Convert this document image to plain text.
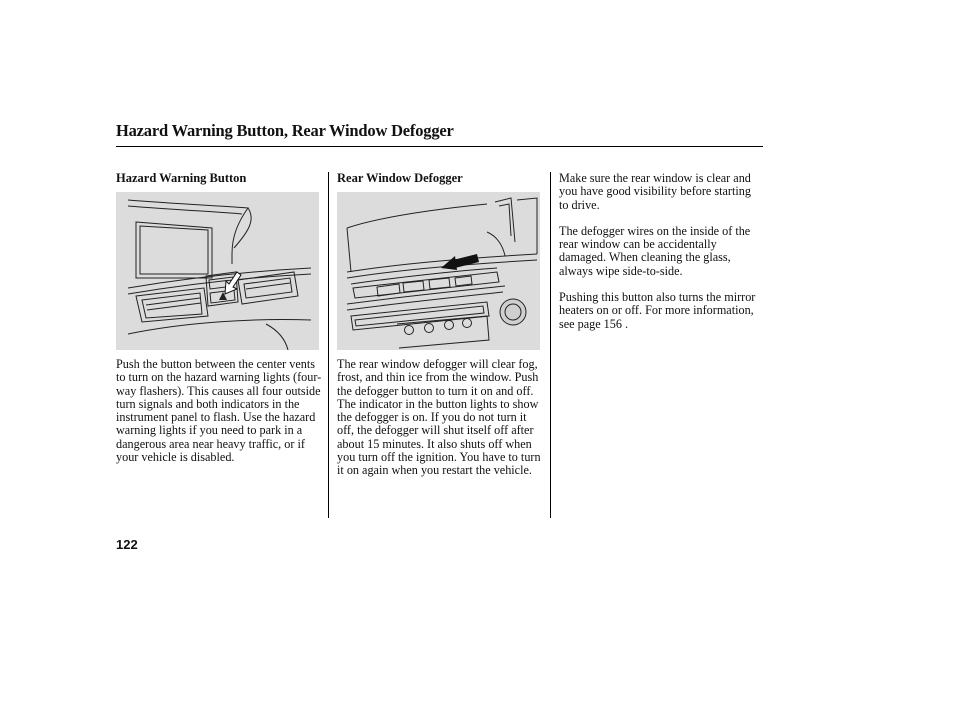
Hazard Warning Button, Rear Window Defogger
Hazard Warning Button
Push the button between the center vents to turn on the hazard warning lights (four-way flashers). This causes all four outside turn signals and both indicators in the instrument panel to flash. Use the hazard warning lights if you need to park in a dangerous area near heavy traffic, or if your vehicle is disabled.
Rear Window Defogger
The rear window defogger will clear fog, frost, and thin ice from the window. Push the defogger button to turn it on and off. The indicator in the button lights to show the defogger is on. If you do not turn it off, the defogger will shut itself off after about 15 minutes. It also shuts off when you turn off the ignition. You have to turn it on again when you restart the vehicle.

Make sure the rear window is clear and you have good visibility before starting to drive.

The defogger wires on the inside of the rear window can be accidentally damaged. When cleaning the glass, always wipe side-to-side.

Pushing this button also turns the mirror heaters on or off. For more information, see page 156 .

122
